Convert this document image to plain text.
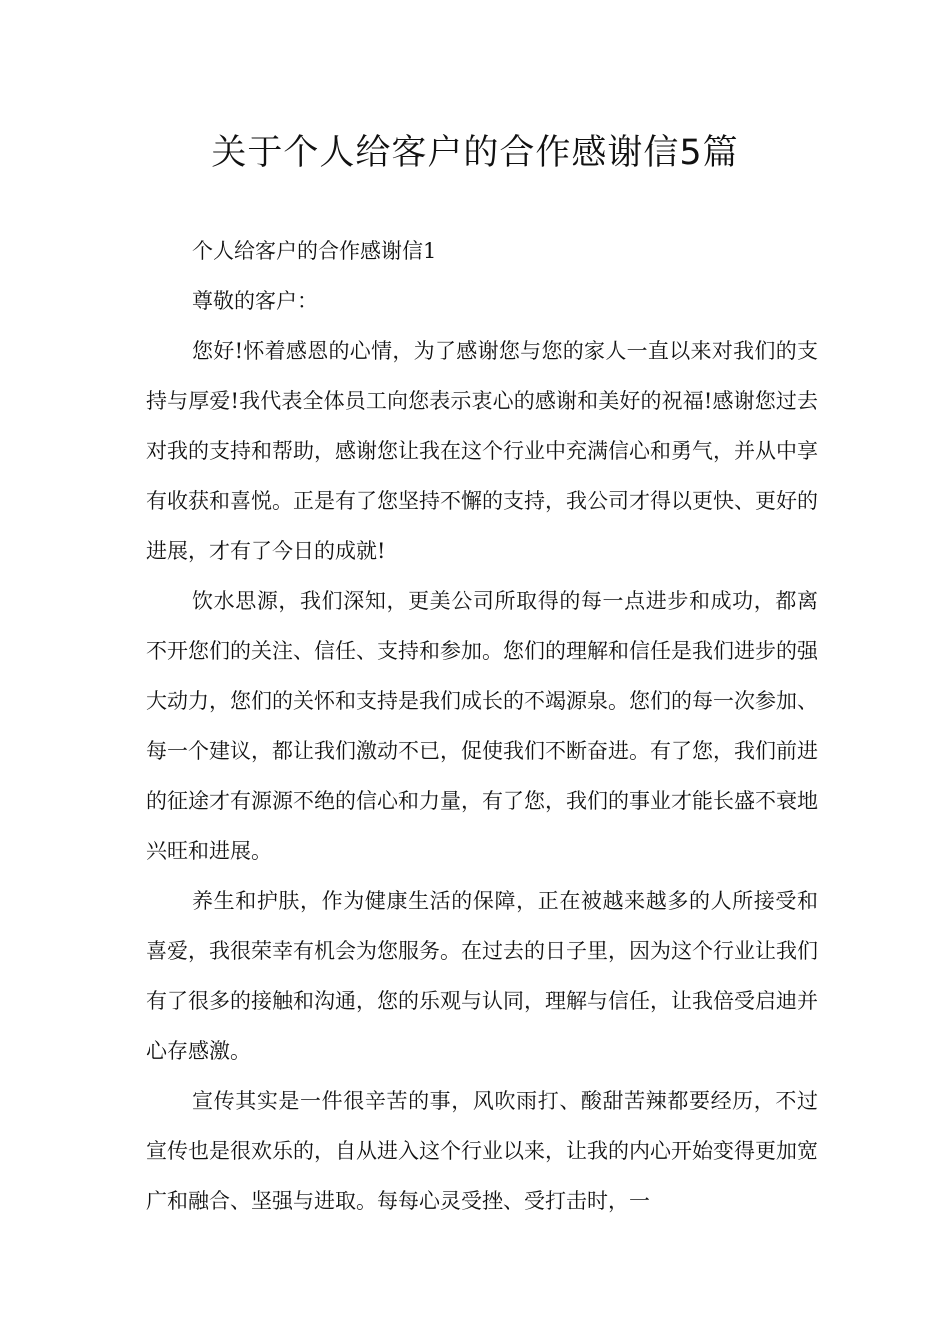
关于个人给客户的合作感谢信5篇

个人给客户的合作感谢信1

尊敬的客户：

您好!怀着感恩的心情，为了感谢您与您的家人一直以来对我们的支持与厚爱!我代表全体员工向您表示衷心的感谢和美好的祝福!感谢您过去对我的支持和帮助，感谢您让我在这个行业中充满信心和勇气，并从中享有收获和喜悦。正是有了您坚持不懈的支持，我公司才得以更快、更好的进展，才有了今日的成就!

饮水思源，我们深知，更美公司所取得的每一点进步和成功，都离不开您们的关注、信任、支持和参加。您们的理解和信任是我们进步的强大动力，您们的关怀和支持是我们成长的不竭源泉。您们的每一次参加、每一个建议，都让我们激动不已，促使我们不断奋进。有了您，我们前进的征途才有源源不绝的信心和力量，有了您，我们的事业才能长盛不衰地兴旺和进展。

养生和护肤，作为健康生活的保障，正在被越来越多的人所接受和喜爱，我很荣幸有机会为您服务。在过去的日子里，因为这个行业让我们有了很多的接触和沟通，您的乐观与认同，理解与信任，让我倍受启迪并心存感激。

宣传其实是一件很辛苦的事，风吹雨打、酸甜苦辣都要经历，不过宣传也是很欢乐的，自从进入这个行业以来，让我的内心开始变得更加宽广和融合、坚强与进取。每每心灵受挫、受打击时，一
